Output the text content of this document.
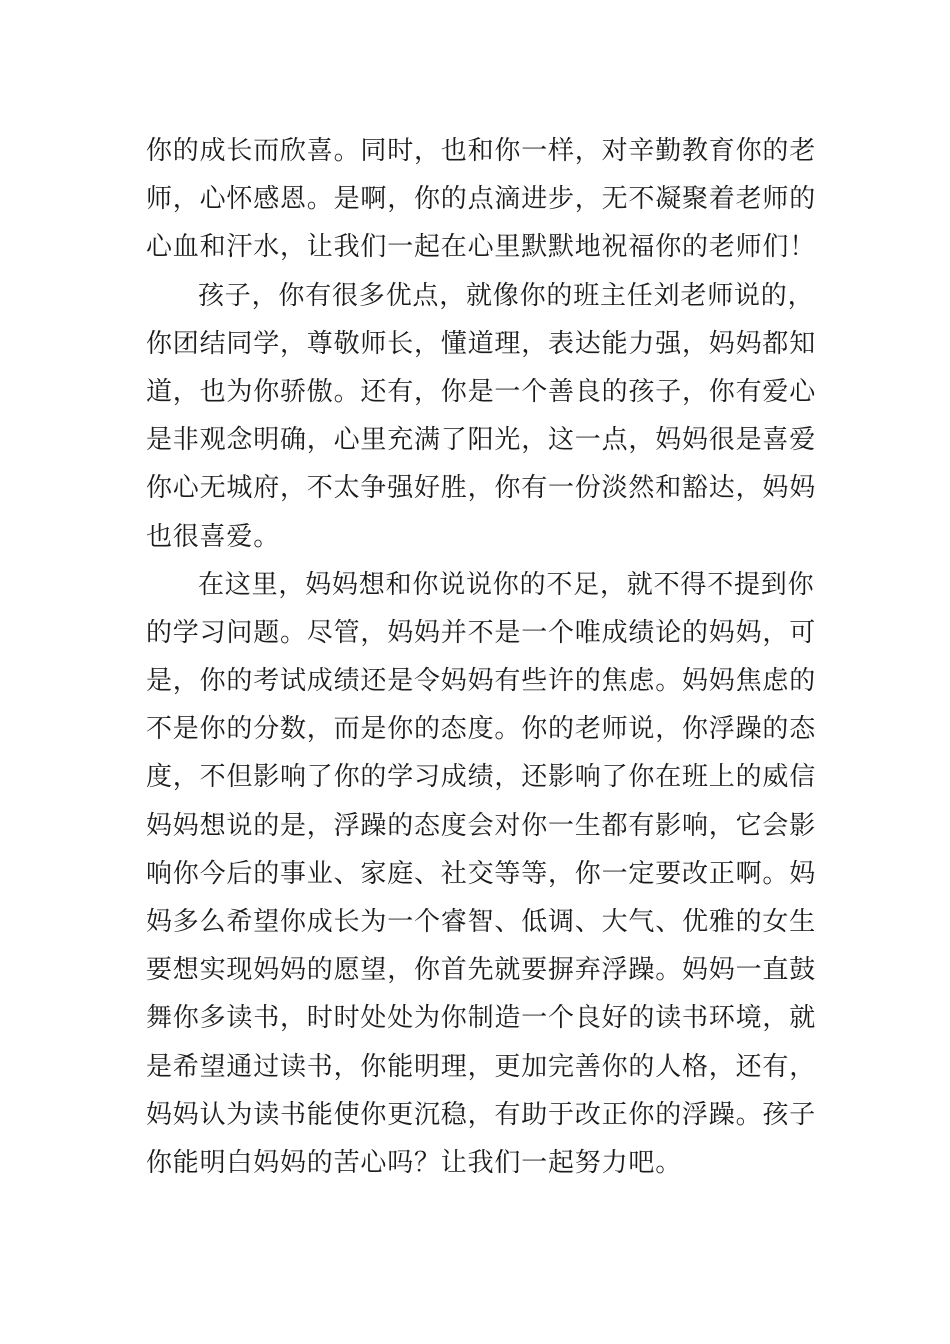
你的成长而欣喜。同时，也和你一样，对辛勤教育你的老
师，心怀感恩。是啊，你的点滴进步，无不凝聚着老师的
心血和汗水，让我们一起在心里默默地祝福你的老师们！
孩子，你有很多优点，就像你的班主任刘老师说的，
你团结同学，尊敬师长，懂道理，表达能力强，妈妈都知
道，也为你骄傲。还有，你是一个善良的孩子，你有爱心
是非观念明确，心里充满了阳光，这一点，妈妈很是喜爱
你心无城府，不太争强好胜，你有一份淡然和豁达，妈妈
也很喜爱。
在这里，妈妈想和你说说你的不足，就不得不提到你
的学习问题。尽管，妈妈并不是一个唯成绩论的妈妈，可
是，你的考试成绩还是令妈妈有些许的焦虑。妈妈焦虑的
不是你的分数，而是你的态度。你的老师说，你浮躁的态
度，不但影响了你的学习成绩，还影响了你在班上的威信
妈妈想说的是，浮躁的态度会对你一生都有影响，它会影
响你今后的事业、家庭、社交等等，你一定要改正啊。妈
妈多么希望你成长为一个睿智、低调、大气、优雅的女生
要想实现妈妈的愿望，你首先就要摒弃浮躁。妈妈一直鼓
舞你多读书，时时处处为你制造一个良好的读书环境，就
是希望通过读书，你能明理，更加完善你的人格，还有，
妈妈认为读书能使你更沉稳，有助于改正你的浮躁。孩子
你能明白妈妈的苦心吗？让我们一起努力吧。
